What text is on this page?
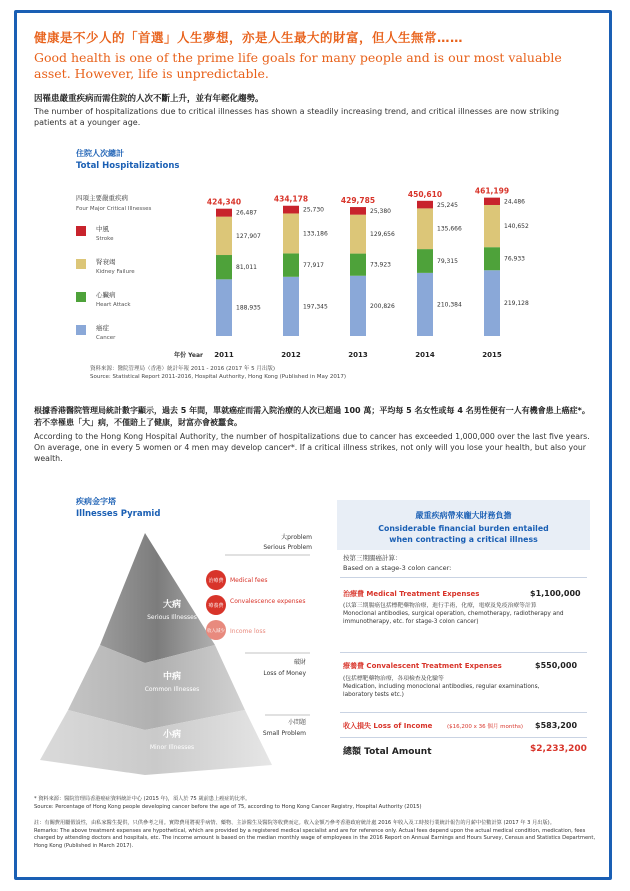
健康是不少人的「首選」人生夢想，亦是人生最大的財富，但人生無常……
Good health is one of the prime life goals for many people and is our most valuable asset. However, life is unpredictable.
因罹患嚴重疾病而需住院的人次不斷上升，並有年輕化趨勢。
The number of hospitalizations due to critical illnesses has shown a steadily increasing trend, and critical illnesses are now striking patients at a younger age.
住院人次總計
Total Hospitalizations
四項主要嚴重疾病
Four Major Critical Illnesses
中風
Stroke
腎衰竭
Kidney Failure
心臟病
Heart Attack
癌症
Cancer
188,935
81,011
127,907
26,487
424,340
2011
197,345
77,917
133,186
25,730
434,178
2012
200,826
73,923
129,656
25,380
429,785
2013
210,384
79,315
135,666
25,245
450,610
2014
219,128
76,933
140,652
24,486
461,199
2015
年份 Year
資料來源：醫院管理局（香港）統計年報 2011 - 2016 (2017 年 5 月出版)
Source: Statistical Report 2011-2016, Hospital Authority, Hong Kong (Published in May 2017)
根據香港醫院管理局統計數字顯示，過去 5 年間，單就癌症而需入院治療的人次已超過 100 萬；平均每 5 名女性或每 4 名男性便有一人有機會患上癌症*。若不幸罹患「大」病，不僅賠上了健康，財富亦會被蠶食。
According to the Hong Kong Hospital Authority, the number of hospitalizations due to cancer has exceeded 1,000,000 over the last five years. On average, one in every 5 women or 4 men may develop cancer*. If a critical illness strikes, not only will you lose your health, but also your wealth.
疾病金字塔
Illnesses Pyramid
大病
Serious Illnesses
中病
Common Illnesses
小病
Minor Illnesses
治療費 Medical fees
療養費
Convalescence expenses
收入減少 Income loss
大problem
Serious Problem
破財
Loss of Money
小問題
Small Problem
嚴重疾病帶來龐大財務負擔
Considerable financial burden entailed
when contracting a critical illness
按第三期腸癌計算：
Based on a stage-3 colon cancer:
治療費 Medical Treatment Expenses	$1,100,000
(以第三期腸癌包括標靶藥物治療，進行手術，化療，電療及免疫治療等計算
Monoclonal antibodies, surgical operation, chemotherapy, radiotherapy and immunotherapy, etc. for stage-3 colon cancer)
療養費 Convalescent Treatment Expenses	$550,000
(包括標靶藥物治療，各項檢查及化驗等
Medication, including monoclonal antibodies, regular examinations, laboratory tests etc.)
收入損失 Loss of Income	($16,200 x 36 個月 months) $583,200
總額 Total Amount	$2,233,200
* 資料來源：醫院管理局香港癌症資料統計中心 (2015 年)，須人於 75 歲前患上癌症的比率。
Source: Percentage of Hong Kong people developing cancer before the age of 75, according to Hong Kong Cancer Registry, Hospital Authority (2015)
註：有關費用屬假設性，由私家醫生提供，只供參考之用。實際費用將視乎病情、藥物、主診醫生及醫院等收費而定。收入金額乃參考香港政府統計處 2016 年收入及工時按行業統計報告的月薪中位數計算 (2017 年 3 月出版)。
Remarks: The above treatment expenses are hypothetical, which are provided by a registered medical specialist and are for reference only. Actual fees depend upon the actual medical condition, medication, fees charged by attending doctors and hospitals, etc. The income amount is based on the median monthly wage of employees in the 2016 Report on Annual Earnings and Hours Survey, Census and Statistics Department, Hong Kong (Published in March 2017).
